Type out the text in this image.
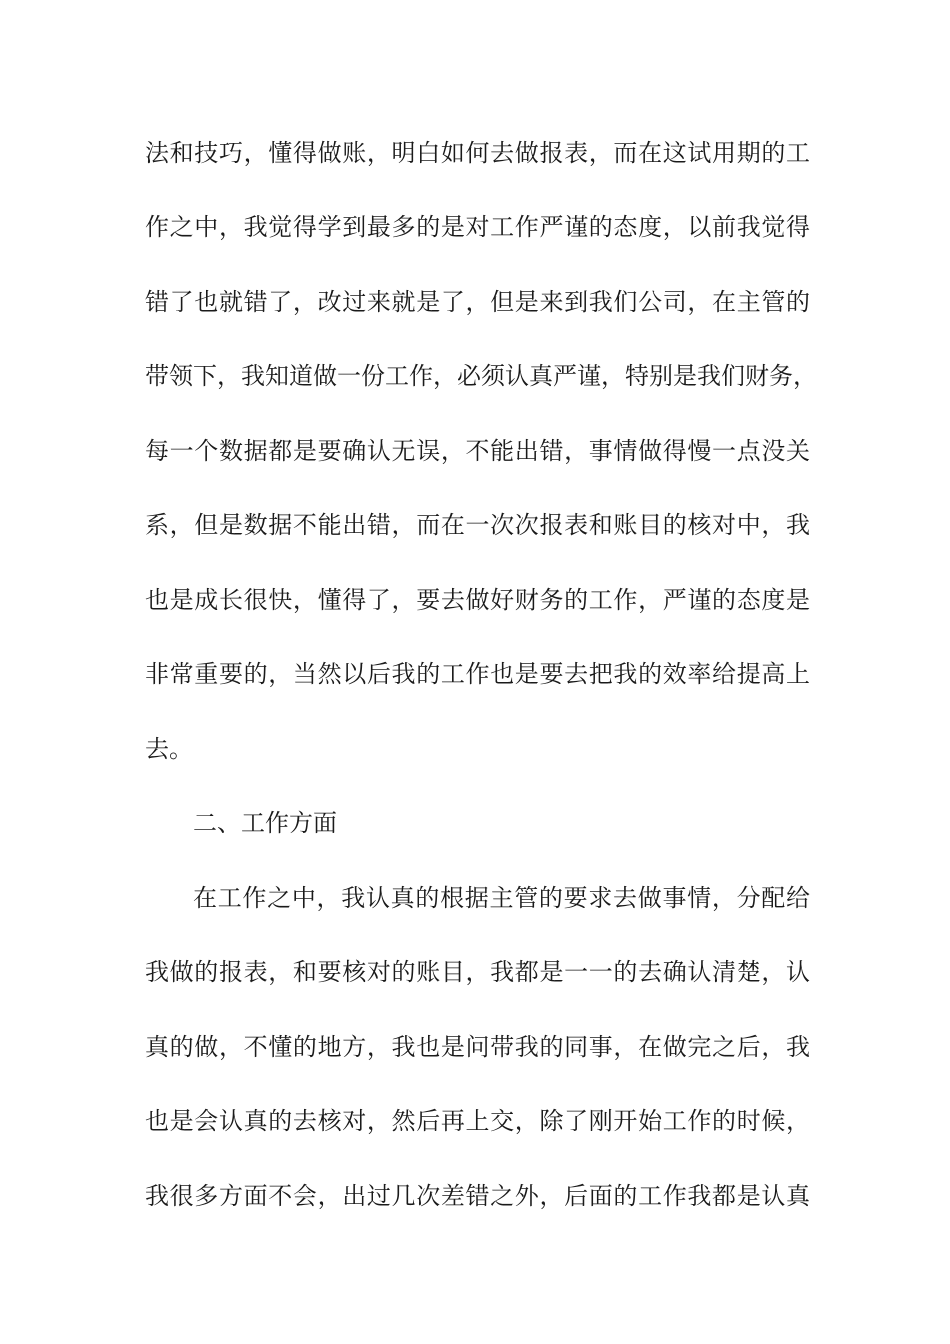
法和技巧，懂得做账，明白如何去做报表，而在这试用期的工
作之中，我觉得学到最多的是对工作严谨的态度，以前我觉得
错了也就错了，改过来就是了，但是来到我们公司，在主管的
带领下，我知道做一份工作，必须认真严谨，特别是我们财务，
每一个数据都是要确认无误，不能出错，事情做得慢一点没关
系，但是数据不能出错，而在一次次报表和账目的核对中，我
也是成长很快，懂得了，要去做好财务的工作，严谨的态度是
非常重要的，当然以后我的工作也是要去把我的效率给提高上
去。
二、工作方面
在工作之中，我认真的根据主管的要求去做事情，分配给
我做的报表，和要核对的账目，我都是一一的去确认清楚，认
真的做，不懂的地方，我也是问带我的同事，在做完之后，我
也是会认真的去核对，然后再上交，除了刚开始工作的时候，
我很多方面不会，出过几次差错之外，后面的工作我都是认真
